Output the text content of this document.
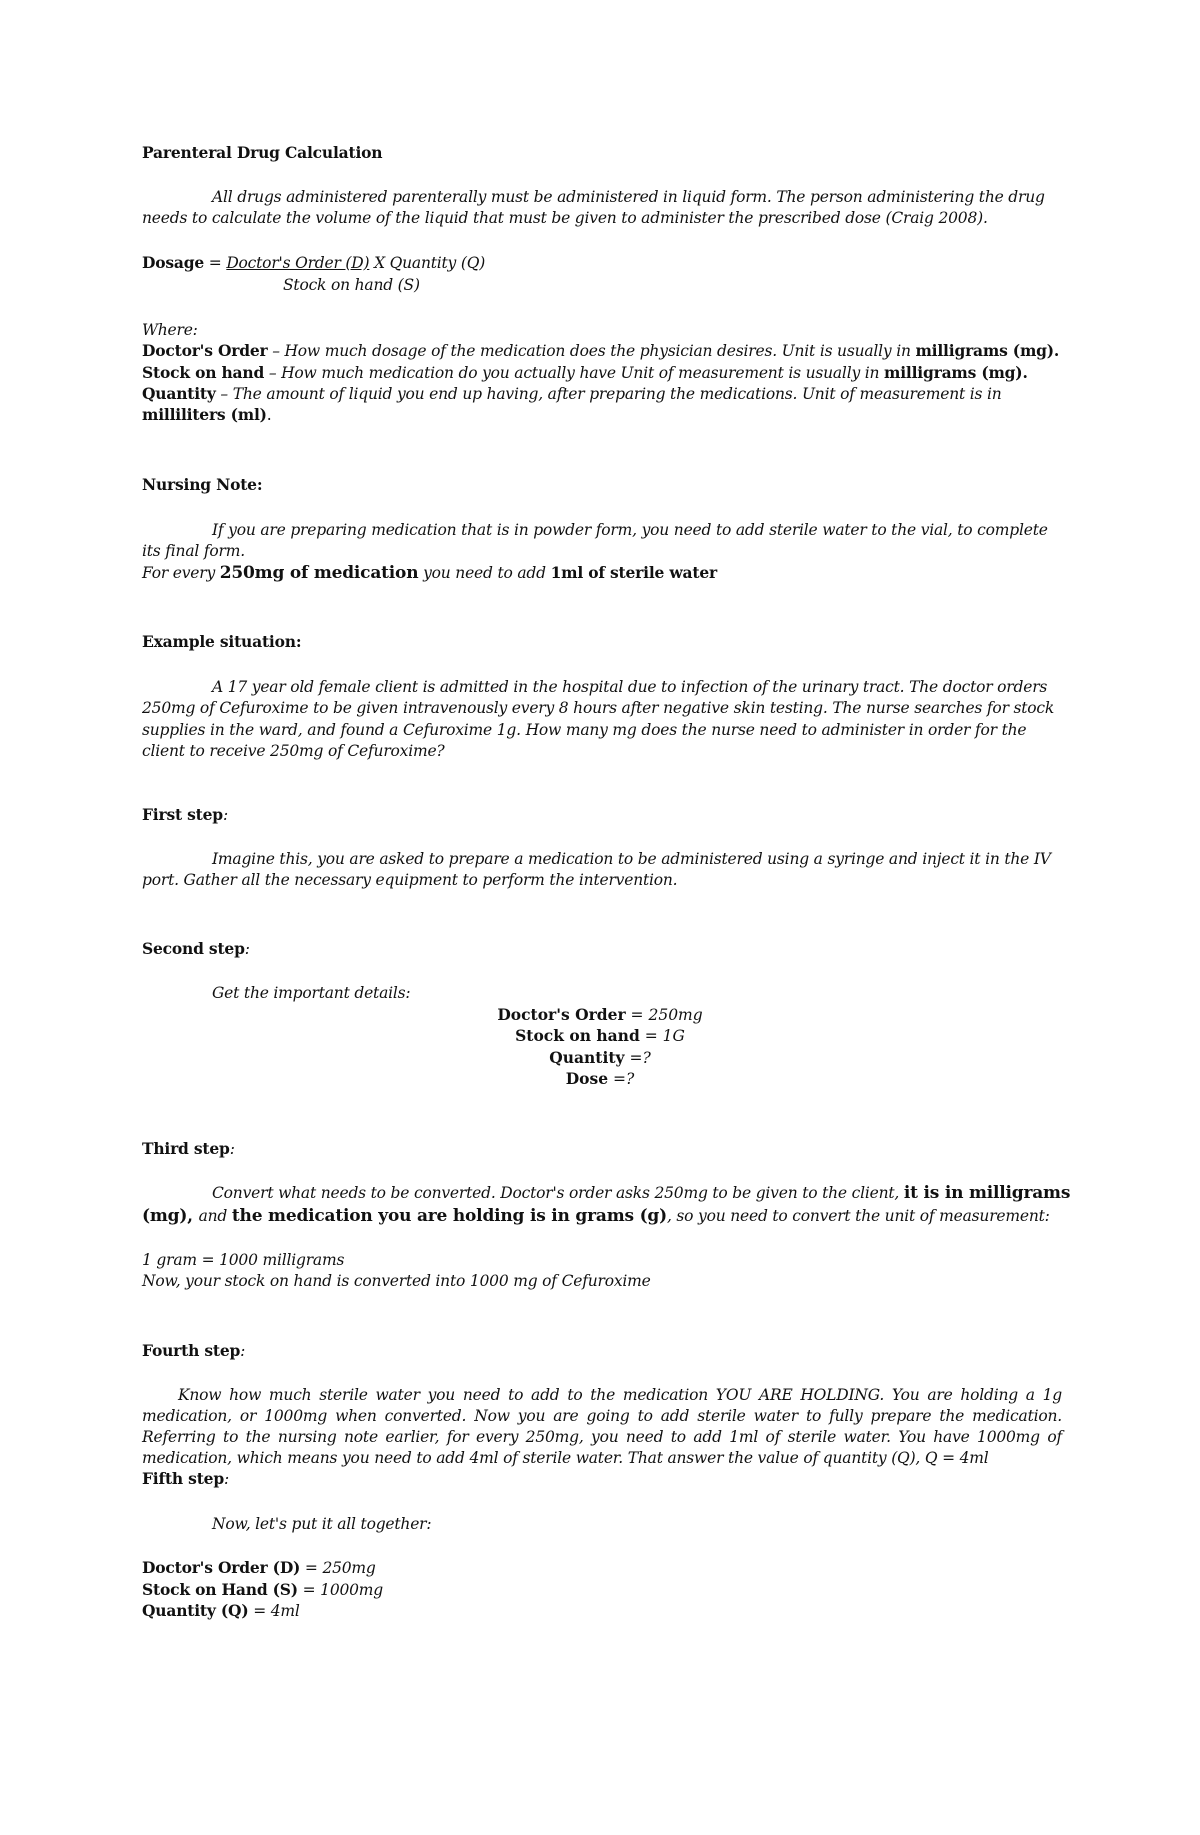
Parenteral Drug Calculation
All drugs administered parenterally must be administered in liquid form. The person administering the drug
needs to calculate the volume of the liquid that must be given to administer the prescribed dose (Craig 2008).
Dosage = Doctor's Order (D) X Quantity (Q)
Stock on hand (S)
Where:
Doctor's Order – How much dosage of the medication does the physician desires. Unit is usually in milligrams (mg).
Stock on hand – How much medication do you actually have Unit of measurement is usually in milligrams (mg).
Quantity – The amount of liquid you end up having, after preparing the medications. Unit of measurement is in
milliliters (ml).
Nursing Note:
If you are preparing medication that is in powder form, you need to add sterile water to the vial, to complete
its final form.
For every 250mg of medication you need to add 1ml of sterile water
Example situation:
A 17 year old female client is admitted in the hospital due to infection of the urinary tract. The doctor orders
250mg of Cefuroxime to be given intravenously every 8 hours after negative skin testing. The nurse searches for stock
supplies in the ward, and found a Cefuroxime 1g. How many mg does the nurse need to administer in order for the
client to receive 250mg of Cefuroxime?
First step:
Imagine this, you are asked to prepare a medication to be administered using a syringe and inject it in the IV
port. Gather all the necessary equipment to perform the intervention.
Second step:
Get the important details:
Doctor's Order = 250mg
Stock on hand = 1G
Quantity =?
Dose =?
Third step:
Convert what needs to be converted. Doctor's order asks 250mg to be given to the client, it is in milligrams
(mg), and the medication you are holding is in grams (g), so you need to convert the unit of measurement:
1 gram = 1000 milligrams
Now, your stock on hand is converted into 1000 mg of Cefuroxime
Fourth step:
Know how much sterile water you need to add to the medication YOU ARE HOLDING. You are holding a 1g
medication, or 1000mg when converted. Now you are going to add sterile water to fully prepare the medication.
Referring to the nursing note earlier, for every 250mg, you need to add 1ml of sterile water. You have 1000mg of
medication, which means you need to add 4ml of sterile water. That answer the value of quantity (Q), Q = 4ml
Fifth step:
Now, let's put it all together:
Doctor's Order (D) = 250mg
Stock on Hand (S) = 1000mg
Quantity (Q) = 4ml
